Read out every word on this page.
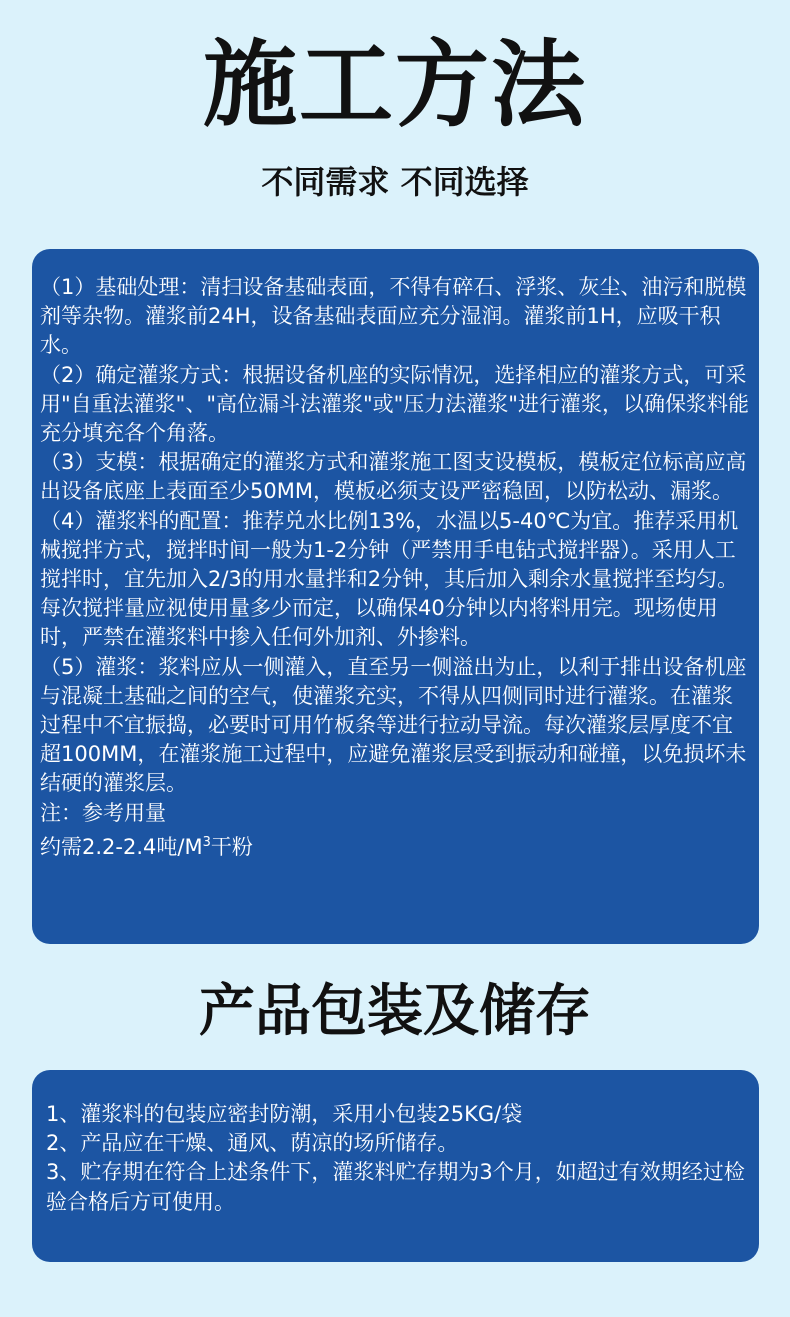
施工方法
不同需求 不同选择

（1）基础处理：清扫设备基础表面，不得有碎石、浮浆、灰尘、油污和脱模剂等杂物。灌浆前24H，设备基础表面应充分湿润。灌浆前1H，应吸干积水。

（2）确定灌浆方式：根据设备机座的实际情况，选择相应的灌浆方式，可采用"自重法灌浆"、"高位漏斗法灌浆"或"压力法灌浆"进行灌浆，以确保浆料能充分填充各个角落。

（3）支模：根据确定的灌浆方式和灌浆施工图支设模板，模板定位标高应高出设备底座上表面至少50MM，模板必须支设严密稳固，以防松动、漏浆。

（4）灌浆料的配置：推荐兑水比例13%，水温以5-40℃为宜。推荐采用机械搅拌方式，搅拌时间一般为1-2分钟（严禁用手电钻式搅拌器）。采用人工搅拌时，宜先加入2/3的用水量拌和2分钟，其后加入剩余水量搅拌至均匀。每次搅拌量应视使用量多少而定，以确保40分钟以内将料用完。现场使用时，严禁在灌浆料中掺入任何外加剂、外掺料。

（5）灌浆：浆料应从一侧灌入，直至另一侧溢出为止，以利于排出设备机座与混凝土基础之间的空气，使灌浆充实，不得从四侧同时进行灌浆。在灌浆过程中不宜振捣，必要时可用竹板条等进行拉动导流。每次灌浆层厚度不宜超100MM，在灌浆施工过程中，应避免灌浆层受到振动和碰撞，以免损坏未结硬的灌浆层。

注：参考用量

约需2.2-2.4吨$/M^3$干粉

产品包装及储存

1、灌浆料的包装应密封防潮，采用小包装25KG/袋

2、产品应在干燥、通风、荫凉的场所储存。

3、贮存期在符合上述条件下，灌浆料贮存期为3个月，如超过有效期经过检验合格后方可使用。
